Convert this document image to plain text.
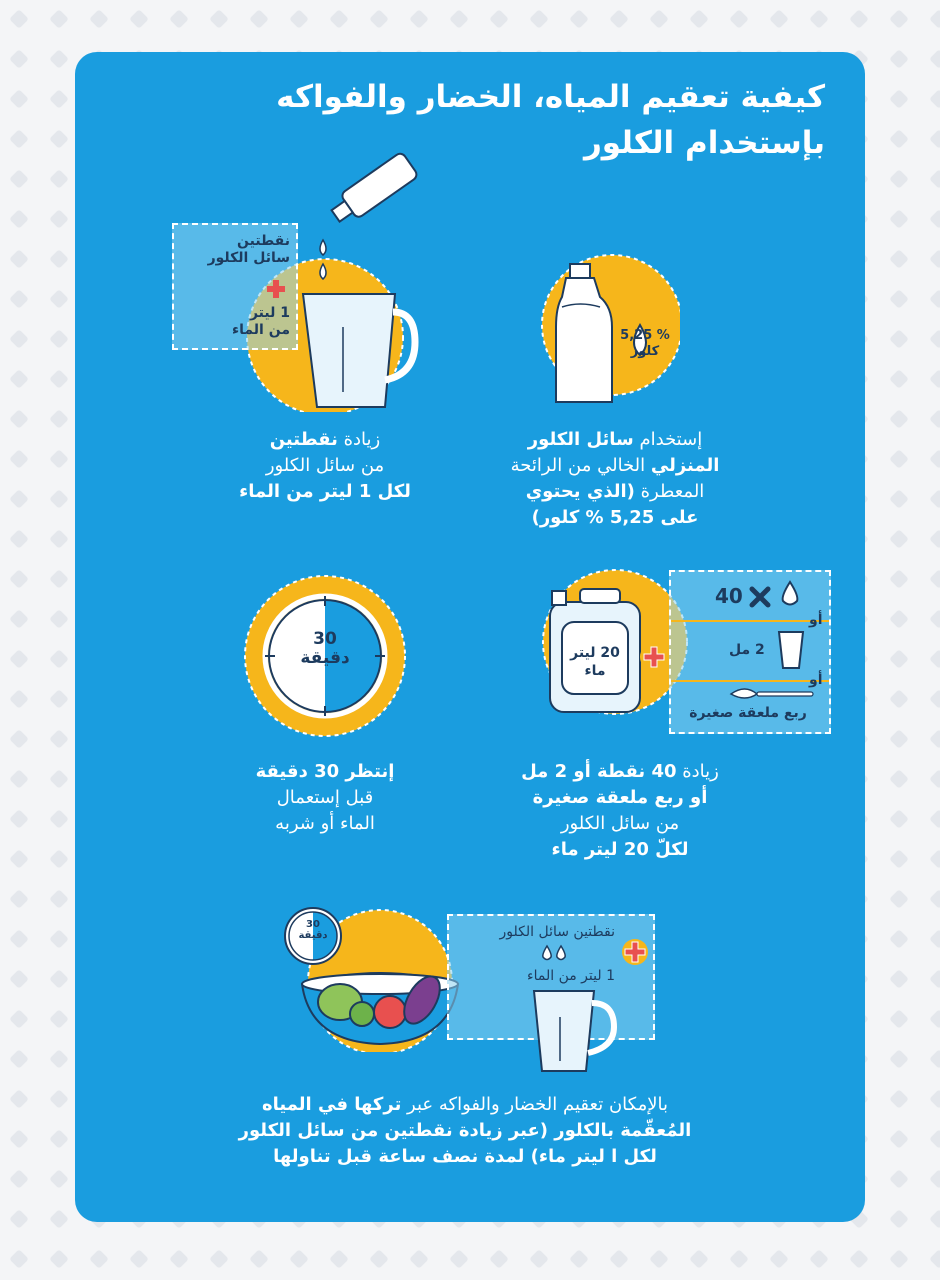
كيفية تعقيم المياه، الخضار والفواكه
بإستخدام الكلور
% 5,25
كلور
إستخدام سائل الكلور
المنزلي الخالي من الرائحة
المعطرة (الذي يحتوي
على 5,25 % كلور)
نقطتين
سائل الكلور
1 ليتر
من الماء
زيادة نقطتين
من سائل الكلور
لكل 1 ليتر من الماء
20 ليتر
ماء
40
أو
2 مل
أو
ربع ملعقة صغيرة
زيادة 40 نقطة أو 2 مل
أو ربع ملعقة صغيرة
من سائل الكلور
لكلّ 20 ليتر ماء
30
دقيقة
إنتظر 30 دقيقة
قبل إستعمال
الماء أو شربه
30
دقيقة	نقطتين سائل الكلور
1 ليتر من الماء
بالإمكان تعقيم الخضار والفواكه عبر تركها في المياه
المُعقّمة بالكلور (عبر زيادة نقطتين من سائل الكلور
لكل ا ليتر ماء) لمدة نصف ساعة قبل تناولها
